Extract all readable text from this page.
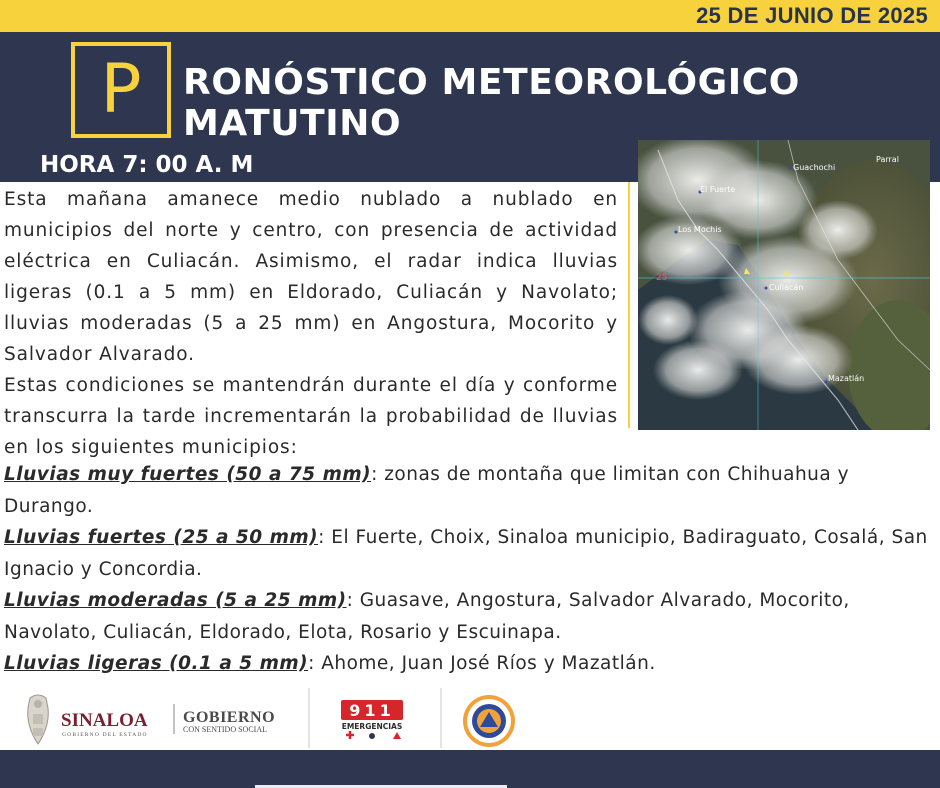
25 DE JUNIO DE 2025
P	RONÓSTICO METEOROLÓGICO
MATUTINO
HORA 7: 00 A. M	Guachochi
Parral
El Fuerte
Los Mochis
Culiacán
Mazatlán
25

Esta mañana amanece medio nublado a nublado en municipios del norte y centro, con presencia de actividad eléctrica en Culiacán. Asimismo, el radar indica lluvias ligeras (0.1 a 5 mm) en Eldorado, Culiacán y Navolato; lluvias moderadas (5 a 25 mm) en Angostura, Mocorito y Salvador Alvarado.

Estas condiciones se mantendrán durante el día y conforme transcurra la tarde incrementarán la probabilidad de lluvias en los siguientes municipios:

Lluvias muy fuertes (50 a 75 mm): zonas de montaña que limitan con Chihuahua y Durango.

Lluvias fuertes (25 a 50 mm): El Fuerte, Choix, Sinaloa municipio, Badiraguato, Cosalá, San Ignacio y Concordia.

Lluvias moderadas (5 a 25 mm): Guasave, Angostura, Salvador Alvarado, Mocorito, Navolato, Culiacán, Eldorado, Elota, Rosario y Escuinapa.

Lluvias ligeras (0.1 a 5 mm): Ahome, Juan José Ríos y Mazatlán.

SINALOA
GOBIERNO DEL ESTADO
GOBIERNO
CON SENTIDO SOCIAL
911
EMERGENCIAS
